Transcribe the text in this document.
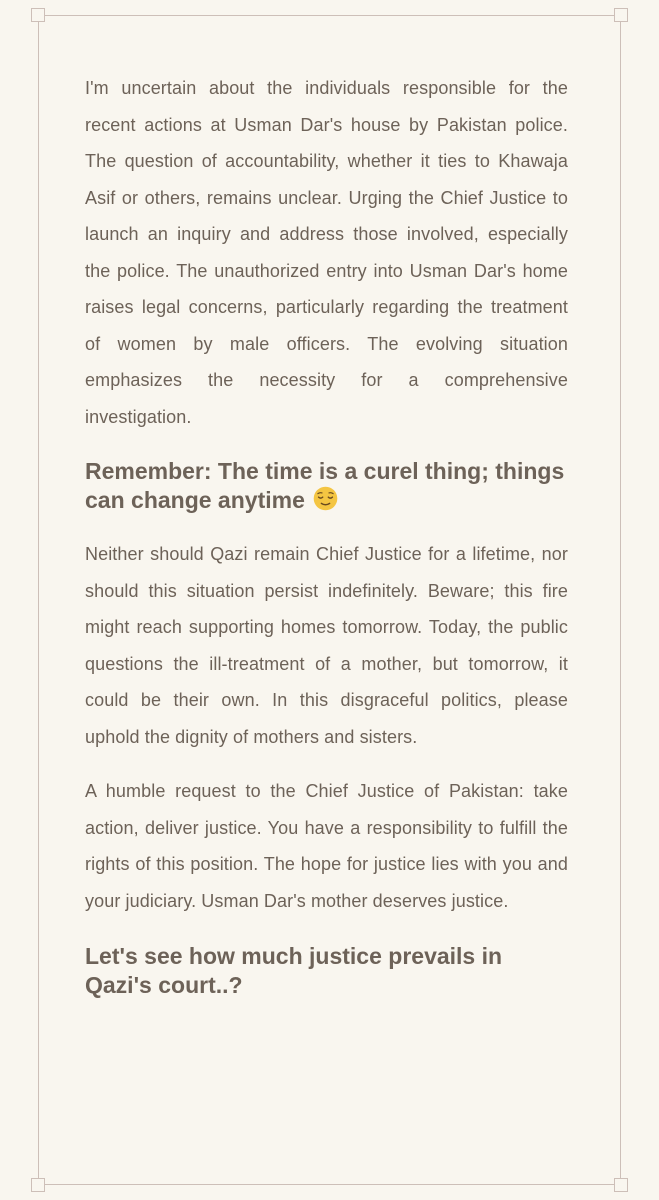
I'm uncertain about the individuals responsible for the recent actions at Usman Dar's house by Pakistan police. The question of accountability, whether it ties to Khawaja Asif or others, remains unclear. Urging the Chief Justice to launch an inquiry and address those involved, especially the police. The unauthorized entry into Usman Dar's home raises legal concerns, particularly regarding the treatment of women by male officers. The evolving situation emphasizes the necessity for a comprehensive investigation.

Remember: The time is a curel thing; things can change anytime

Neither should Qazi remain Chief Justice for a lifetime, nor should this situation persist indefinitely. Beware; this fire might reach supporting homes tomorrow. Today, the public questions the ill-treatment of a mother, but tomorrow, it could be their own. In this disgraceful politics, please uphold the dignity of mothers and sisters.

A humble request to the Chief Justice of Pakistan: take action, deliver justice. You have a responsibility to fulfill the rights of this position. The hope for justice lies with you and your judiciary. Usman Dar's mother deserves justice.

Let's see how much justice prevails in Qazi's court..?
